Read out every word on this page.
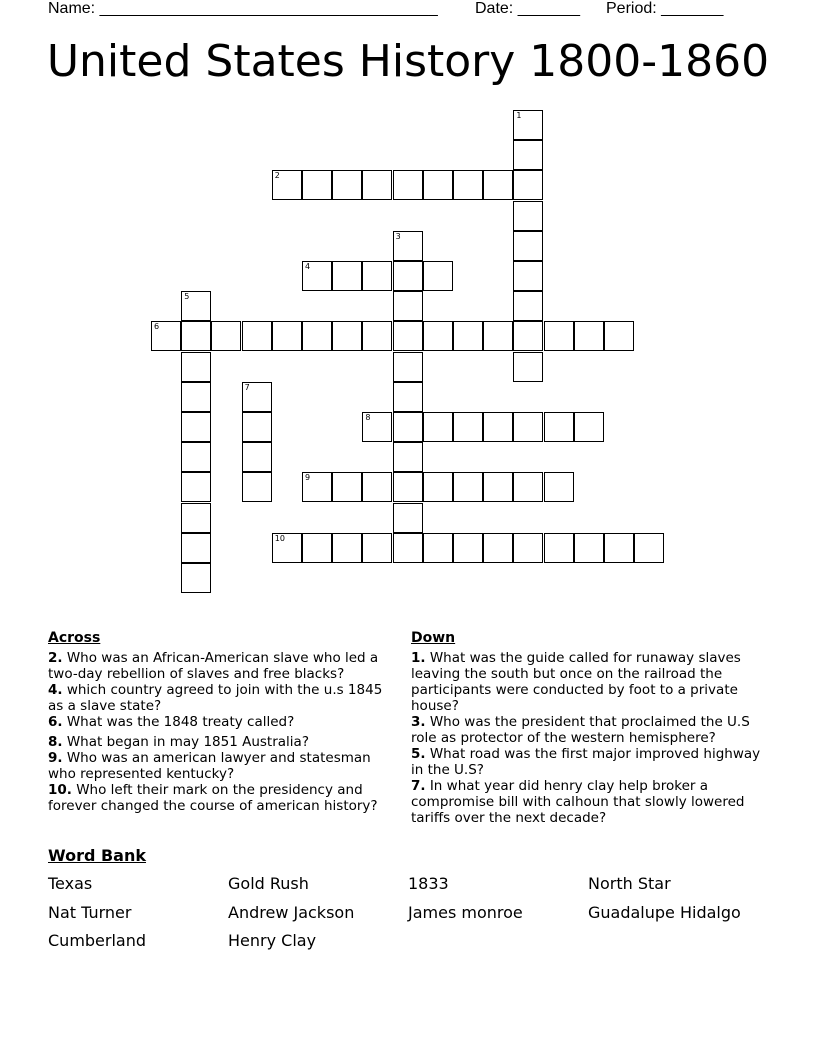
Name: ______________________________________ Date: _______ Period: _______
United States History 1800-1860
1
2
3
4
5
6
7
8
9
10
Across
2. Who was an African-American slave who led a two-day rebellion of slaves and free blacks?
4. which country agreed to join with the u.s 1845 as a slave state?
6. What was the 1848 treaty called?
8. What began in may 1851 Australia?
9. Who was an american lawyer and statesman who represented kentucky?
10. Who left their mark on the presidency and forever changed the course of american history?
Down
1. What was the guide called for runaway slaves leaving the south but once on the railroad the participants were conducted by foot to a private house?
3. Who was the president that proclaimed the U.S role as protector of the western hemisphere?
5. What road was the first major improved highway in the U.S?
7. In what year did henry clay help broker a compromise bill with calhoun that slowly lowered tariffs over the next decade?
Word Bank
Texas	Gold Rush	1833	North Star
Nat Turner	Andrew Jackson	James monroe	Guadalupe Hidalgo
Cumberland	Henry Clay
